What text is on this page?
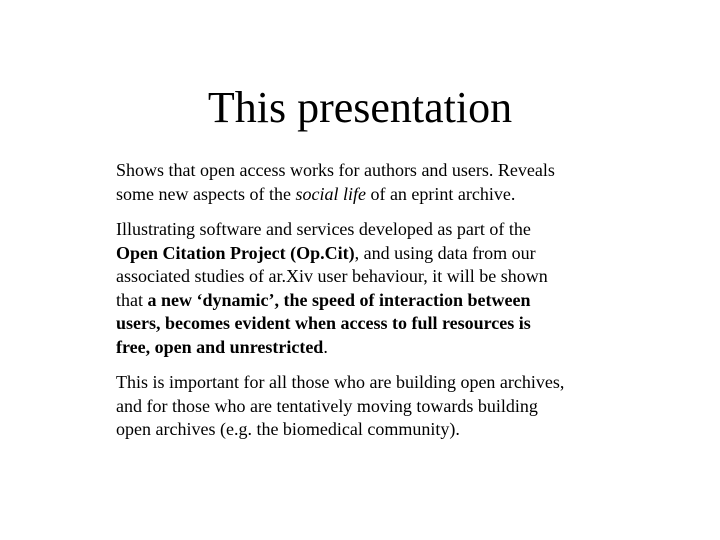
This presentation

Shows that open access works for authors and users. Reveals
some new aspects of the social life of an eprint archive.

Illustrating software and services developed as part of the
Open Citation Project (Op.Cit), and using data from our
associated studies of ar.Xiv user behaviour, it will be shown
that a new ‘dynamic’, the speed of interaction between
users, becomes evident when access to full resources is
free, open and unrestricted.

This is important for all those who are building open archives,
and for those who are tentatively moving towards building
open archives (e.g. the biomedical community).
